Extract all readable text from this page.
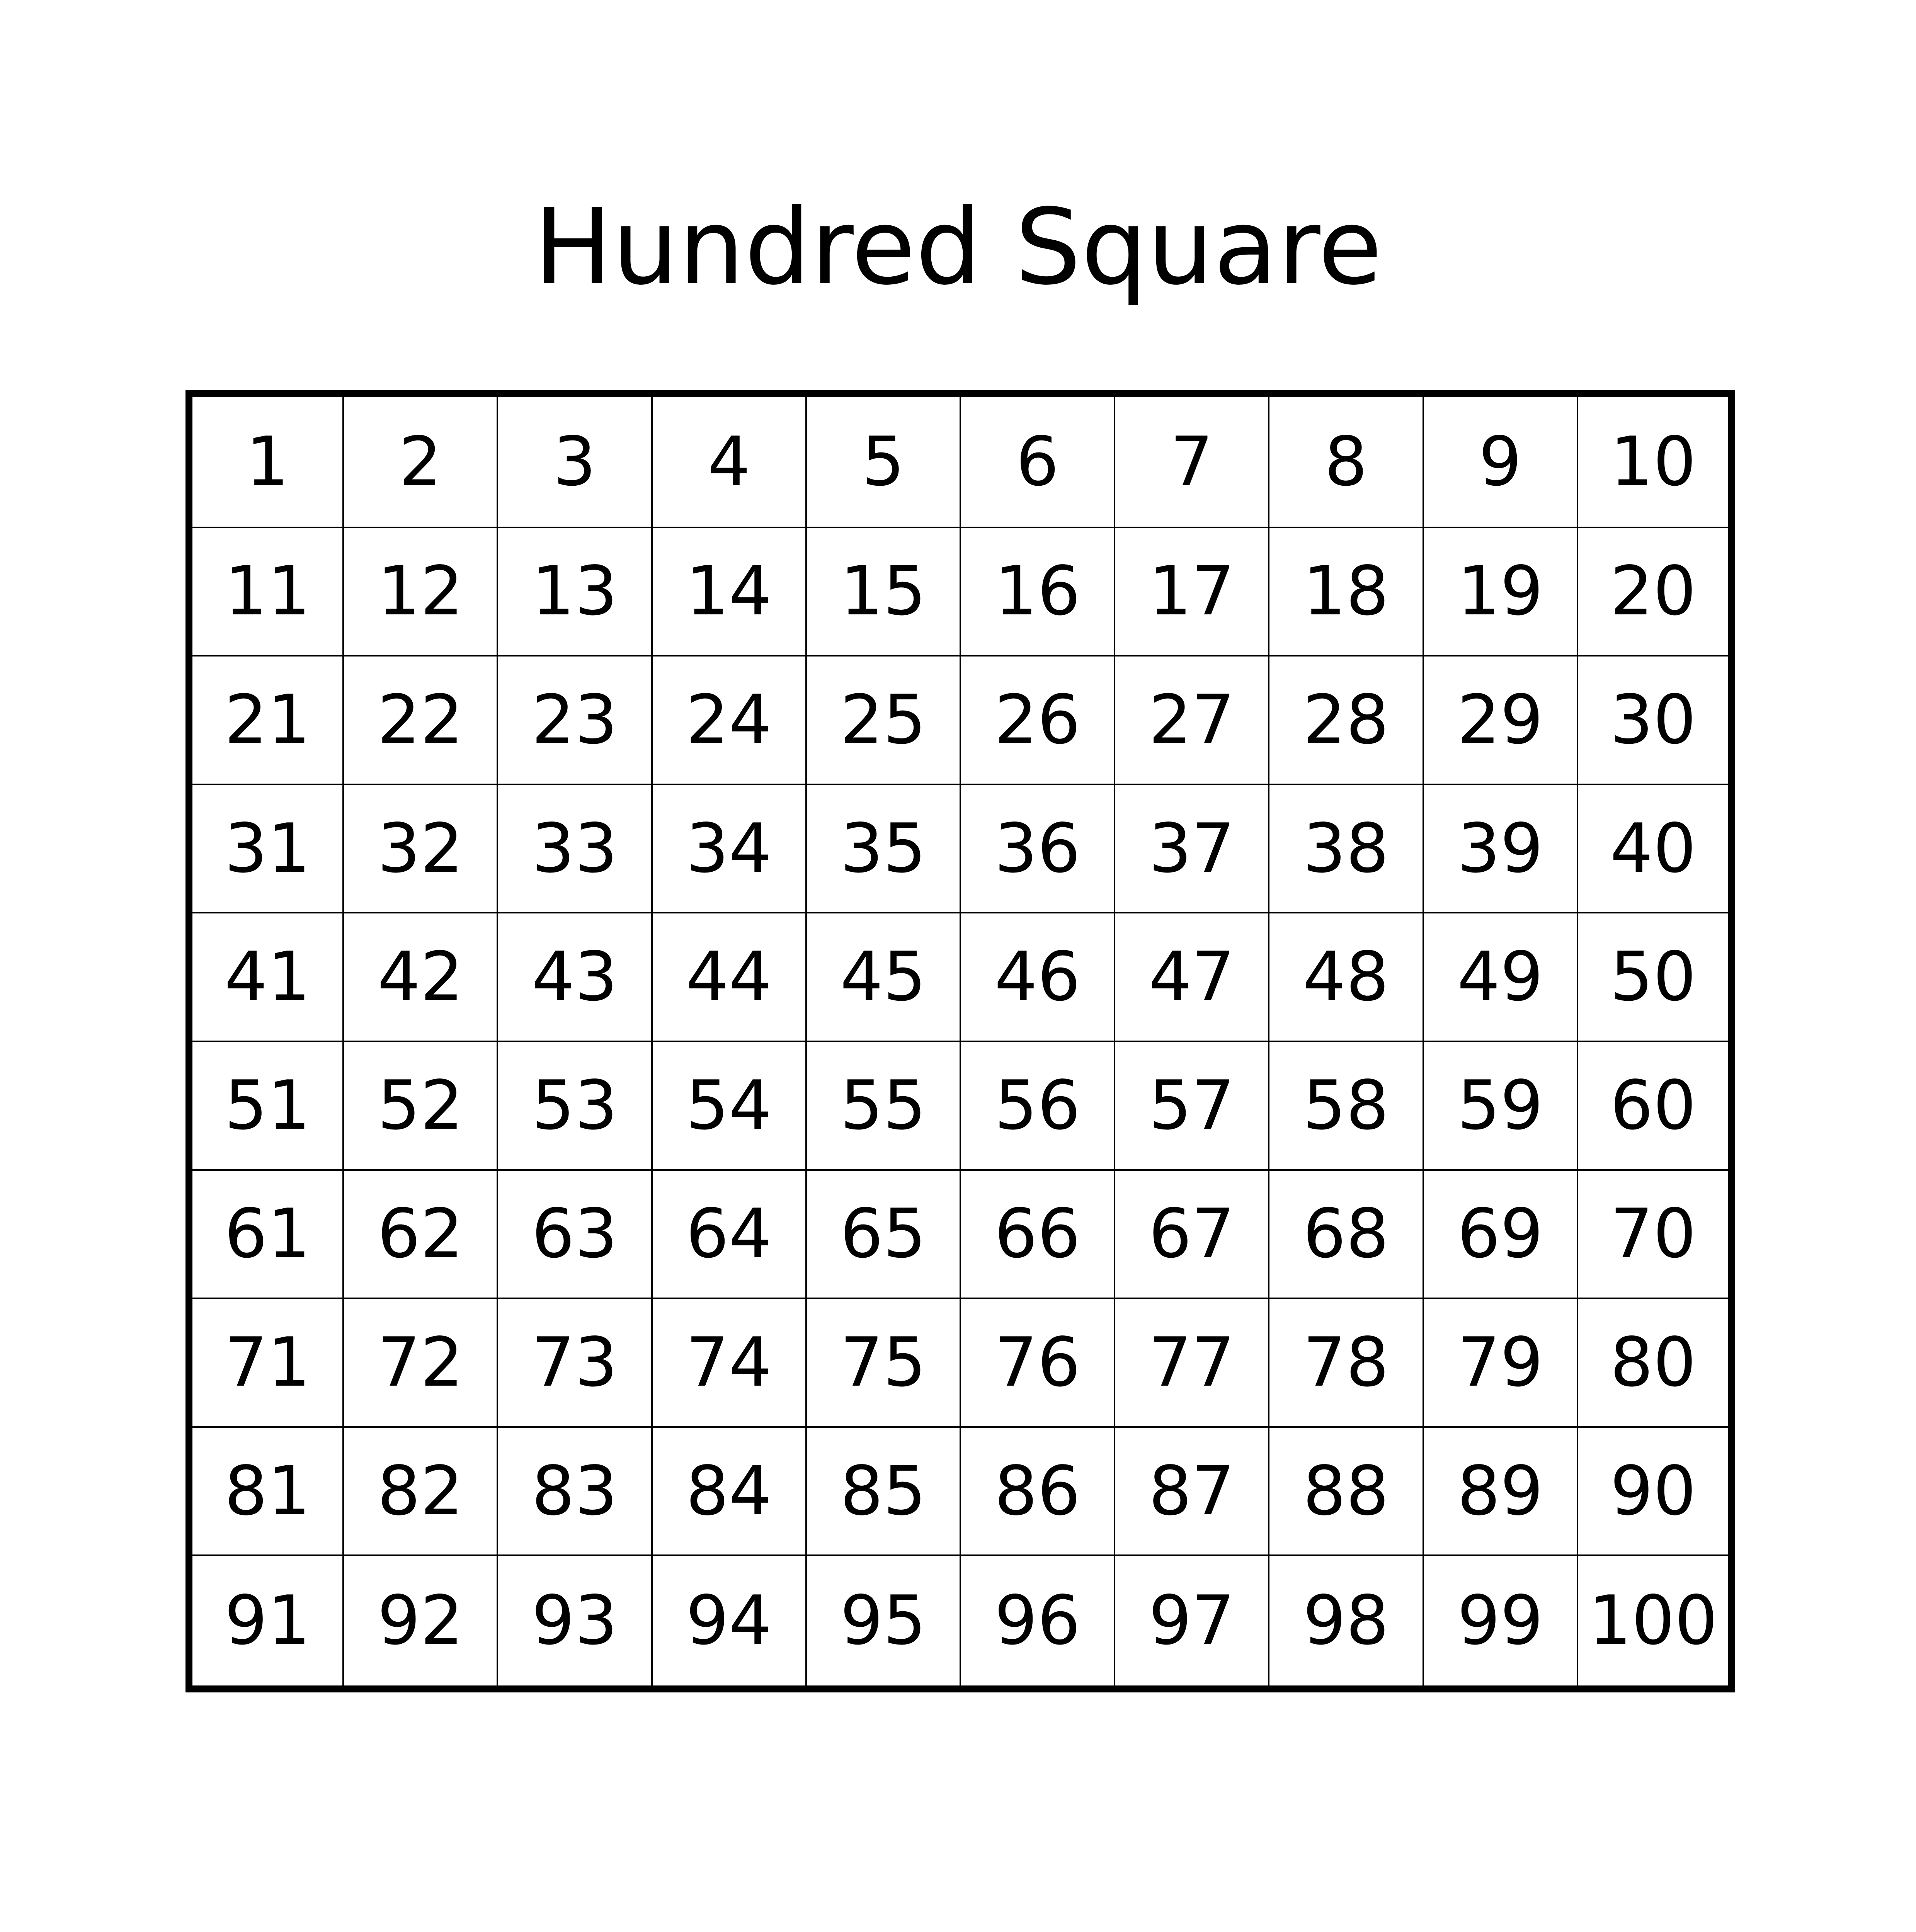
Hundred Square
1	2	3	4	5	6	7	8	9	10
11	12	13	14	15	16	17	18	19	20
21	22	23	24	25	26	27	28	29	30
31	32	33	34	35	36	37	38	39	40
41	42	43	44	45	46	47	48	49	50
51	52	53	54	55	56	57	58	59	60
61	62	63	64	65	66	67	68	69	70
71	72	73	74	75	76	77	78	79	80
81	82	83	84	85	86	87	88	89	90
91	92	93	94	95	96	97	98	99	100
